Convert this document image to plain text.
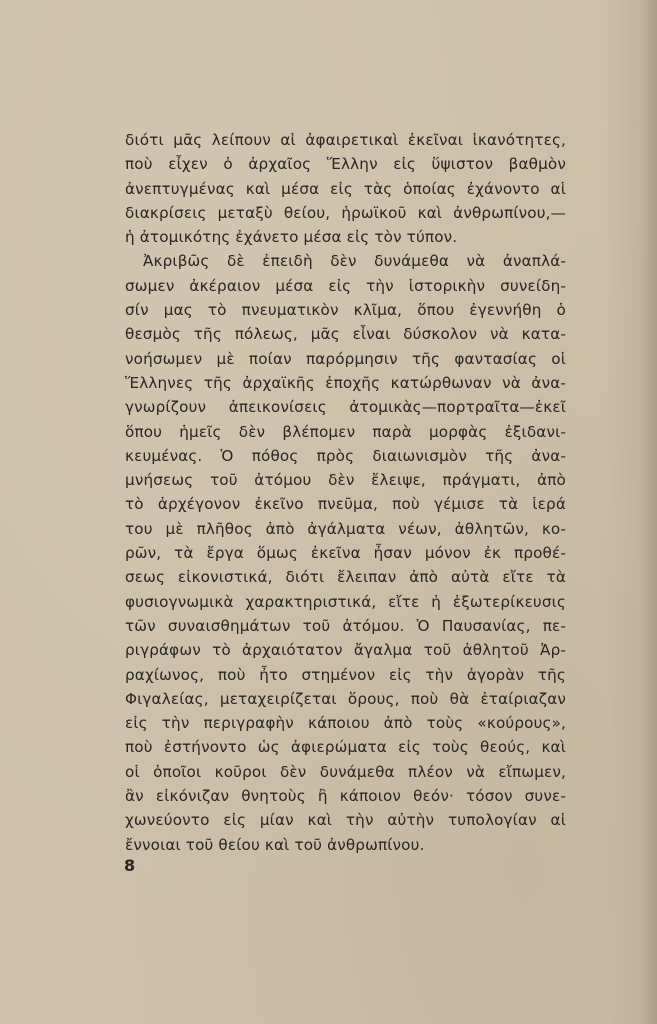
διότι μᾶς λείπουν αἱ ἀφαιρετικαὶ ἐκεῖναι ἱκανότητες,
ποὺ εἶχεν ὁ ἀρχαῖος Ἕλλην εἰς ὕψιστον βαθμὸν
ἀνεπτυγμένας καὶ μέσα εἰς τὰς ὁποίας ἐχάνοντο αἱ
διακρίσεις μεταξὺ θείου, ἡρωϊκοῦ καὶ ἀνθρωπίνου,—
ἡ ἀτομικότης ἐχάνετο μέσα εἰς τὸν τύπον.
Ἀκριβῶς δὲ ἐπειδὴ δὲν δυνάμεθα νὰ ἀναπλά-
σωμεν ἀκέραιον μέσα εἰς τὴν ἱστορικὴν συνείδη-
σίν μας τὸ πνευματικὸν κλῖμα, ὅπου ἐγεννήθη ὁ
θεσμὸς τῆς πόλεως, μᾶς εἶναι δύσκολον νὰ κατα-
νοήσωμεν μὲ ποίαν παρόρμησιν τῆς φαντασίας οἱ
Ἕλληνες τῆς ἀρχαϊκῆς ἐποχῆς κατώρθωναν νὰ ἀνα-
γνωρίζουν ἀπεικονίσεις ἀτομικὰς—πορτραῖτα—ἐκεῖ
ὅπου ἡμεῖς δὲν βλέπομεν παρὰ μορφὰς ἐξιδανι-
κευμένας. Ὁ πόθος πρὸς διαιωνισμὸν τῆς ἀνα-
μνήσεως τοῦ ἀτόμου δὲν ἔλειψε, πράγματι, ἀπὸ
τὸ ἀρχέγονον ἐκεῖνο πνεῦμα, ποὺ γέμισε τὰ ἱερά
του μὲ πλῆθος ἀπὸ ἀγάλματα νέων, ἀθλητῶν, κο-
ρῶν, τὰ ἔργα ὅμως ἐκεῖνα ἦσαν μόνον ἐκ προθέ-
σεως εἰκονιστικά, διότι ἔλειπαν ἀπὸ αὐτὰ εἴτε τὰ
φυσιογνωμικὰ χαρακτηριστικά, εἴτε ἡ ἐξωτερίκευσις
τῶν συναισθημάτων τοῦ ἀτόμου. Ὁ Παυσανίας, πε-
ριγράφων τὸ ἀρχαιότατον ἄγαλμα τοῦ ἀθλητοῦ Ἀρ-
ραχίωνος, ποὺ ἦτο στημένον εἰς τὴν ἀγορὰν τῆς
Φιγαλείας, μεταχειρίζεται ὅρους, ποὺ θὰ ἐταίριαζαν
εἰς τὴν περιγραφὴν κάποιου ἀπὸ τοὺς «κούρους»,
ποὺ ἐστήνοντο ὡς ἀφιερώματα εἰς τοὺς θεούς, καὶ
οἱ ὁποῖοι κοῦροι δὲν δυνάμεθα πλέον νὰ εἴπωμεν,
ἂν εἰκόνιζαν θνητοὺς ἢ κάποιον θεόν· τόσον συνε-
χωνεύοντο εἰς μίαν καὶ τὴν αὐτὴν τυπολογίαν αἱ
ἔννοιαι τοῦ θείου καὶ τοῦ ἀνθρωπίνου.
8
